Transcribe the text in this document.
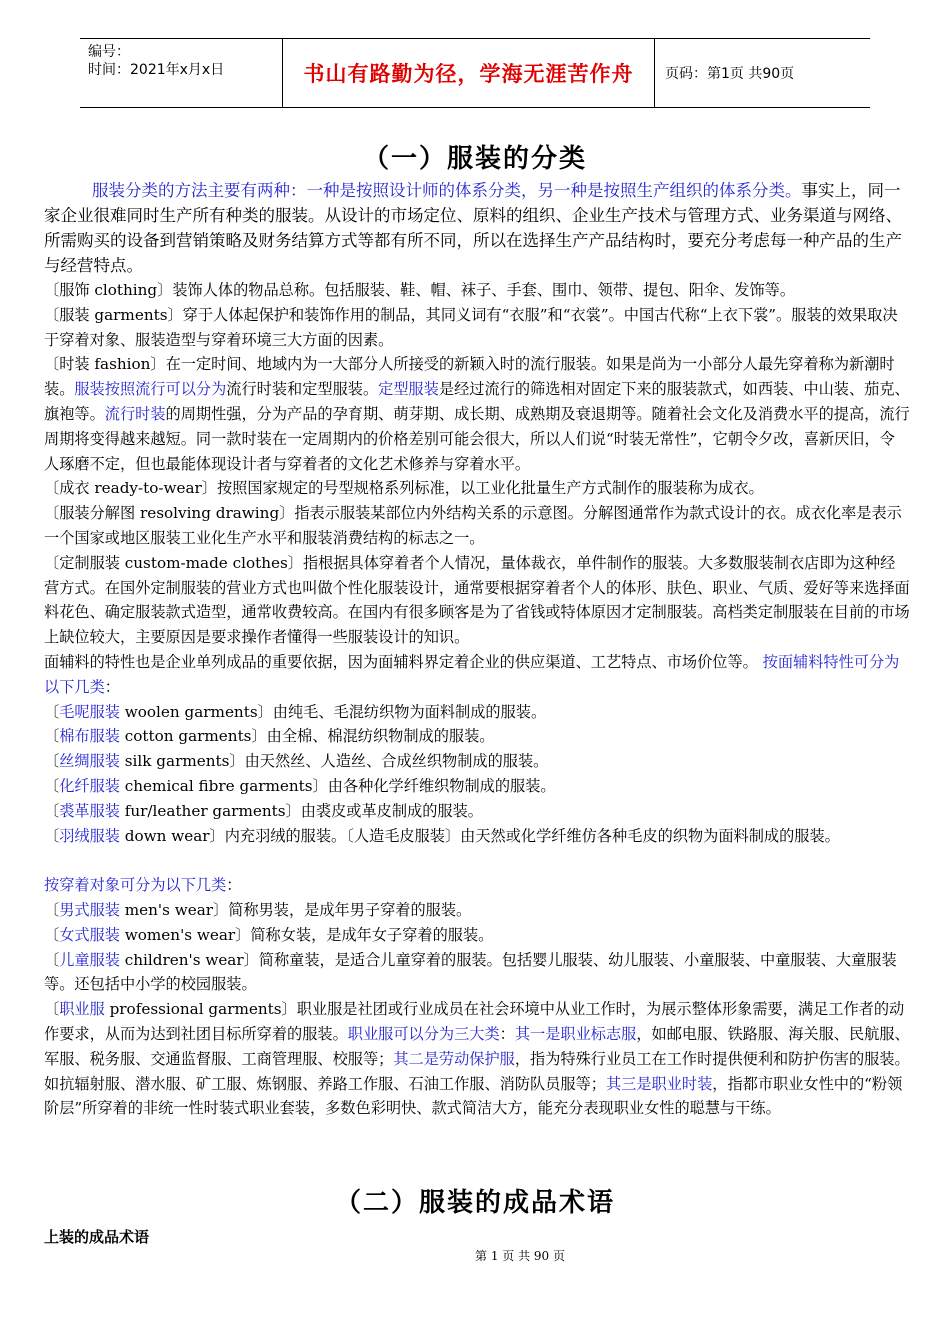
编号：
时间：2021年x月x日	书山有路勤为径，学海无涯苦作舟	页码：第1页 共90页
（一）服装的分类

服装分类的方法主要有两种：一种是按照设计师的体系分类，另一种是按照生产组织的体系分类。事实上，同一家企业很难同时生产所有种类的服装。从设计的市场定位、原料的组织、企业生产技术与管理方式、业务渠道与网络、所需购买的设备到营销策略及财务结算方式等都有所不同，所以在选择生产产品结构时，要充分考虑每一种产品的生产与经营特点。

〔服饰 clothing〕装饰人体的物品总称。包括服装、鞋、帽、袜子、手套、围巾、领带、提包、阳伞、发饰等。

〔服装 garments〕穿于人体起保护和装饰作用的制品，其同义词有“衣服”和“衣裳”。中国古代称“上衣下裳”。服装的效果取决于穿着对象、服装造型与穿着环境三大方面的因素。

〔时装 fashion〕在一定时间、地域内为一大部分人所接受的新颖入时的流行服装。如果是尚为一小部分人最先穿着称为新潮时装。服装按照流行可以分为流行时装和定型服装。定型服装是经过流行的筛选相对固定下来的服装款式，如西装、中山装、茄克、旗袍等。流行时装的周期性强，分为产品的孕育期、萌芽期、成长期、成熟期及衰退期等。随着社会文化及消费水平的提高，流行周期将变得越来越短。同一款时装在一定周期内的价格差别可能会很大，所以人们说“时装无常性”，它朝令夕改，喜新厌旧，令人琢磨不定，但也最能体现设计者与穿着者的文化艺术修养与穿着水平。

〔成衣 ready-to-wear〕按照国家规定的号型规格系列标准，以工业化批量生产方式制作的服装称为成衣。

〔服装分解图 resolving drawing〕指表示服装某部位内外结构关系的示意图。分解图通常作为款式设计的衣。成衣化率是表示一个国家或地区服装工业化生产水平和服装消费结构的标志之一。

〔定制服装 custom-made clothes〕指根据具体穿着者个人情况，量体裁衣，单件制作的服装。大多数服装制衣店即为这种经营方式。在国外定制服装的营业方式也叫做个性化服装设计，通常要根据穿着者个人的体形、肤色、职业、气质、爱好等来选择面料花色、确定服装款式造型，通常收费较高。在国内有很多顾客是为了省钱或特体原因才定制服装。高档类定制服装在目前的市场上缺位较大，主要原因是要求操作者懂得一些服装设计的知识。

面辅料的特性也是企业单列成品的重要依据，因为面辅料界定着企业的供应渠道、工艺特点、市场价位等。 按面辅料特性可分为以下几类：

〔毛呢服装 woolen garments〕由纯毛、毛混纺织物为面料制成的服装。

〔棉布服装 cotton garments〕由全棉、棉混纺织物制成的服装。

〔丝绸服装 silk garments〕由天然丝、人造丝、合成丝织物制成的服装。

〔化纤服装 chemical fibre garments〕由各种化学纤维织物制成的服装。

〔裘革服装 fur/leather garments〕由裘皮或革皮制成的服装。

〔羽绒服装 down wear〕内充羽绒的服装。〔人造毛皮服装〕由天然或化学纤维仿各种毛皮的织物为面料制成的服装。

按穿着对象可分为以下几类：

〔男式服装 men's wear〕简称男装，是成年男子穿着的服装。

〔女式服装 women's wear〕简称女装，是成年女子穿着的服装。

〔儿童服装 children's wear〕简称童装，是适合儿童穿着的服装。包括婴儿服装、幼儿服装、小童服装、中童服装、大童服装等。还包括中小学的校园服装。

〔职业服 professional garments〕职业服是社团或行业成员在社会环境中从业工作时，为展示整体形象需要，满足工作者的动作要求，从而为达到社团目标所穿着的服装。职业服可以分为三大类：其一是职业标志服，如邮电服、铁路服、海关服、民航服、军服、税务服、交通监督服、工商管理服、校服等；其二是劳动保护服，指为特殊行业员工在工作时提供便利和防护伤害的服装。如抗辐射服、潜水服、矿工服、炼钢服、养路工作服、石油工作服、消防队员服等；其三是职业时装，指都市职业女性中的“粉领阶层”所穿着的非统一性时装式职业套装，多数色彩明快、款式简洁大方，能充分表现职业女性的聪慧与干练。

（二）服装的成品术语
上装的成品术语
第 1 页 共 90 页
